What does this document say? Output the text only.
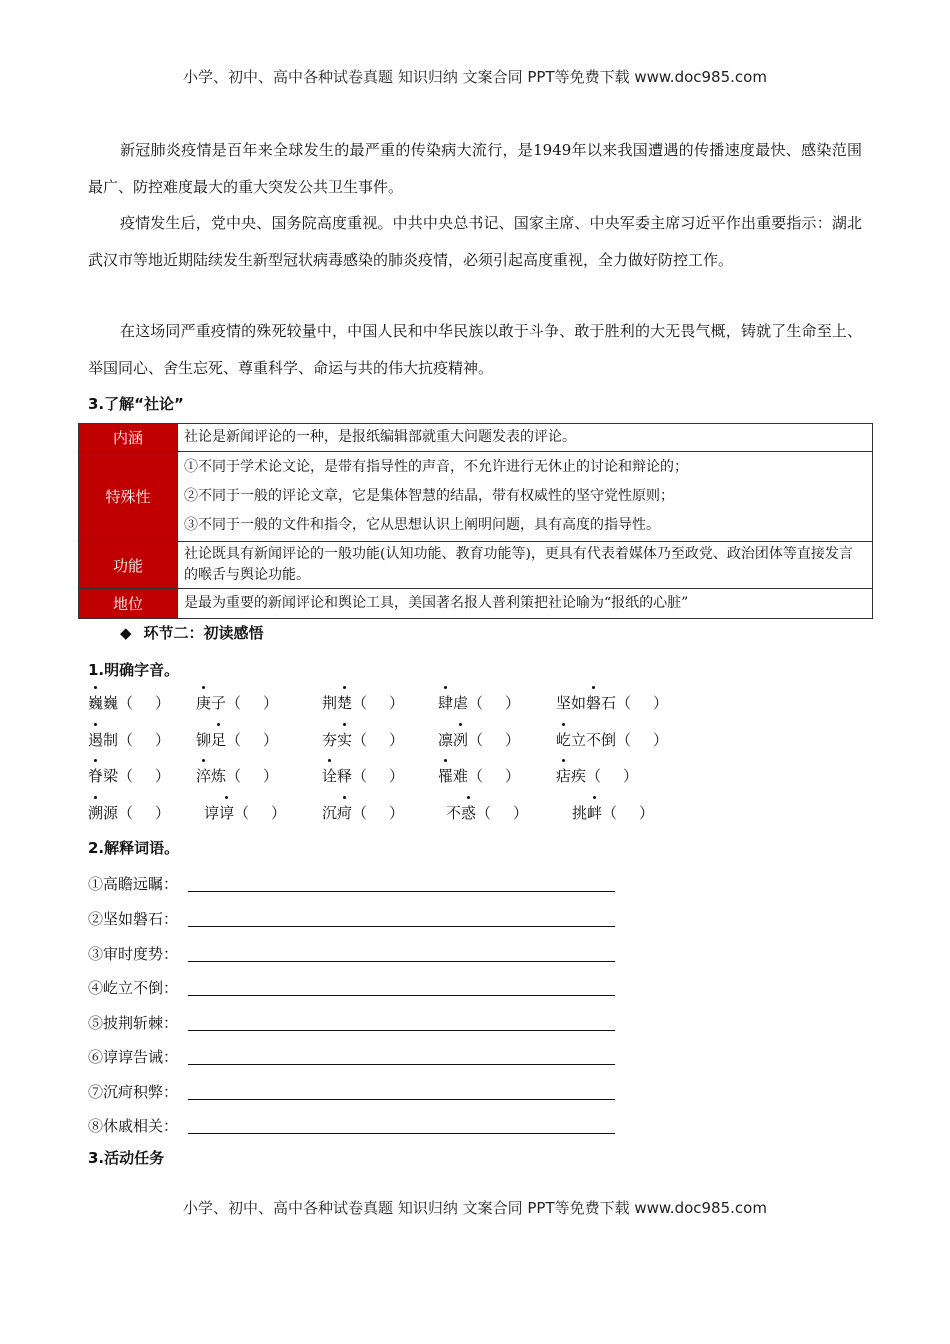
小学、初中、高中各种试卷真题 知识归纳 文案合同 PPT等免费下载 www.doc985.com

新冠肺炎疫情是百年来全球发生的最严重的传染病大流行，是1949年以来我国遭遇的传播速度最快、感染范围最广、防控难度最大的重大突发公共卫生事件。

疫情发生后，党中央、国务院高度重视。中共中央总书记、国家主席、中央军委主席习近平作出重要指示：湖北武汉市等地近期陆续发生新型冠状病毒感染的肺炎疫情，必须引起高度重视，全力做好防控工作。

在这场同严重疫情的殊死较量中，中国人民和中华民族以敢于斗争、敢于胜利的大无畏气概，铸就了生命至上、举国同心、舍生忘死、尊重科学、命运与共的伟大抗疫精神。

3.了解“社论”
内涵	社论是新闻评论的一种，是报纸编辑部就重大问题发表的评论。
特殊性	①不同于学术论文论，是带有指导性的声音，不允许进行无休止的讨论和辩论的；
②不同于一般的评论文章，它是集体智慧的结晶，带有权威性的坚守党性原则；
③不同于一般的文件和指令，它从思想认识上阐明问题，具有高度的指导性。

功能	社论既具有新闻评论的一般功能(认知功能、教育功能等)，更具有代表着媒体乃至政党、政治团体等直接发言的喉舌与舆论功能。
地位	是最为重要的新闻评论和舆论工具，美国著名报人普利策把社论喻为“报纸的心脏”
◆ 环节二：初读感悟
1.明确字音。
巍巍（ ） 庚子（ ）	荆楚（ ） 肆虐（ ） 坚如磐石（ ）
遏制（ ） 铆足（ ）	夯实（ ） 凛冽（ ） 屹立不倒（ ）
脊梁（ ） 淬炼（ ）	诠释（ ） 罹难（ ） 痁疾（ ）
溯源（ ） 谆谆（ ） 沉疴（ ）	不惑（ ）	挑衅（ ）
2.解释词语。
①高瞻远瞩：
②坚如磐石：
③审时度势：
④屹立不倒：
⑤披荆斩棘：
⑥谆谆告诫：
⑦沉疴积弊：
⑧休戚相关：
3.活动任务
小学、初中、高中各种试卷真题 知识归纳 文案合同 PPT等免费下载 www.doc985.com
